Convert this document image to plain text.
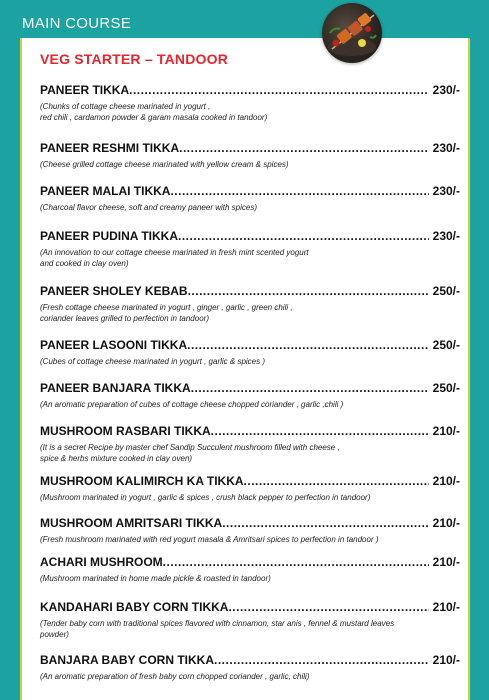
MAIN COURSE
VEG STARTER – TANDOOR
PANEER TIKKA .....	230/-
(Chunks of cottage cheese marinated in yogurt ,
red chili , cardamon powder & garam masala cooked in tandoor)
PANEER RESHMI TIKKA .....	230/-
(Cheese grilled cottage cheese marinated with yellow cream & spices)
PANEER MALAI TIKKA .....	230/-
(Charcoal flavor cheese, soft and creamy paneer with spices)
PANEER PUDINA TIKKA .....	230/-
(An innovation to our cottage cheese marinated in fresh mint scented yogurt
and cooked in clay oven)
PANEER SHOLEY KEBAB .....	250/-
(Fresh cottage cheese marinated in yogurt , ginger , garlic , green chili ,
coriander leaves grilled to perfection in tandoor)
PANEER LASOONI TIKKA .....	250/-
(Cubes of cottage cheese marinated in yogurt , garlic & spices )
PANEER BANJARA TIKKA .....	250/-
(An aromatic preparation of cubes of cottage cheese chopped coriander , garlic ,chili )
MUSHROOM RASBARI TIKKA .....	210/-
(It is a secret Recipe by master chef Sandip Succulent mushroom filled with cheese ,
spice & herbs mixture cooked in clay oven)
MUSHROOM KALIMIRCH KA TIKKA .....	210/-
(Mushroom marinated in yogurt , garlic & spices , crush black pepper to perfection in tandoor)
MUSHROOM AMRITSARI TIKKA .....	210/-
(Fresh mushroom marinated with red yogurt masala & Amritsari spices to perfection in tandoor )
ACHARI MUSHROOM .....	210/-
(Mushroom marinated in home made pickle & roasted in tandoor)
KANDAHARI BABY CORN TIKKA .....	210/-
(Tender baby corn with traditional spices flavored with cinnamon, star anis , fennel & mustard leaves
powder)
BANJARA BABY CORN TIKKA .....	210/-
(An aromatic preparation of fresh baby corn chopped coriander , garlic, chili)
